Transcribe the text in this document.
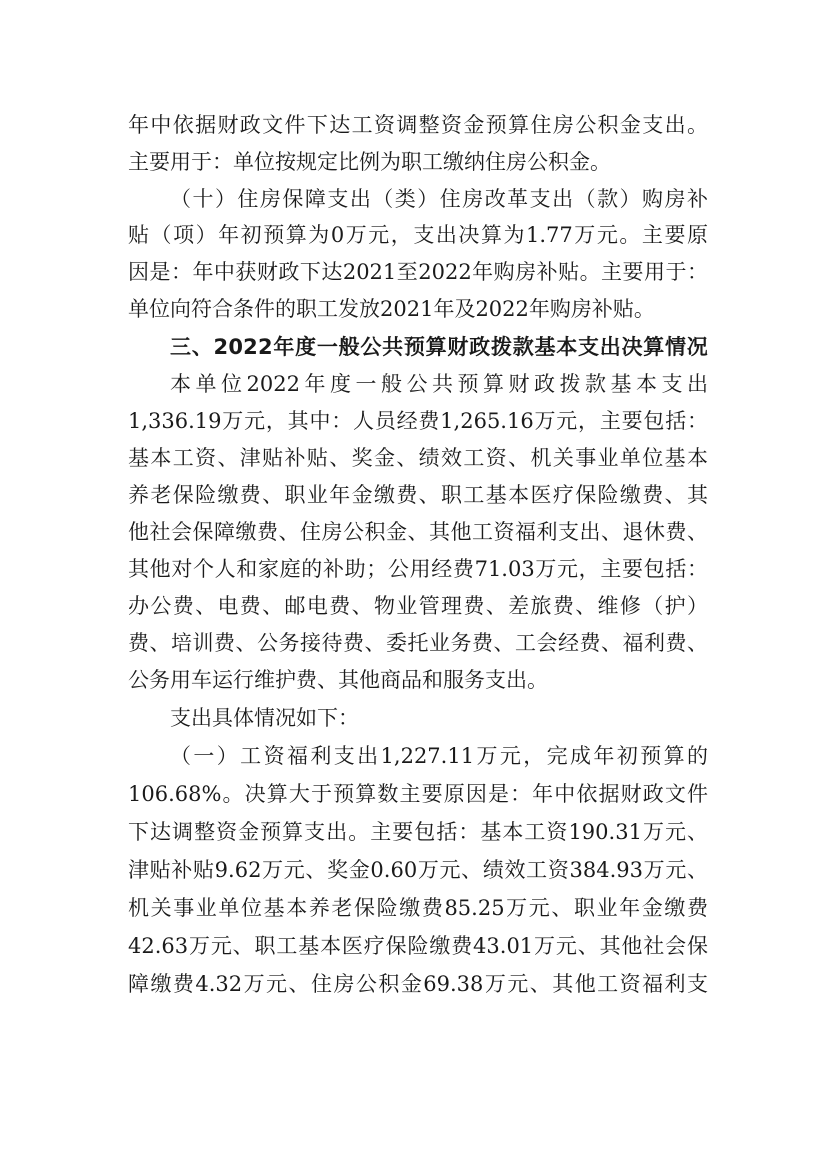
年中依据财政文件下达工资调整资金预算住房公积金支出。
主要用于：单位按规定比例为职工缴纳住房公积金。
（十）住房保障支出（类）住房改革支出（款）购房补
贴（项）年初预算为0万元，支出决算为1.77万元。主要原
因是：年中获财政下达2021至2022年购房补贴。主要用于：
单位向符合条件的职工发放2021年及2022年购房补贴。
三、2022年度一般公共预算财政拨款基本支出决算情况
本单位2022年度一般公共预算财政拨款基本支出
1,336.19万元，其中：人员经费1,265.16万元，主要包括：
基本工资、津贴补贴、奖金、绩效工资、机关事业单位基本
养老保险缴费、职业年金缴费、职工基本医疗保险缴费、其
他社会保障缴费、住房公积金、其他工资福利支出、退休费、
其他对个人和家庭的补助；公用经费71.03万元，主要包括：
办公费、电费、邮电费、物业管理费、差旅费、维修（护）
费、培训费、公务接待费、委托业务费、工会经费、福利费、
公务用车运行维护费、其他商品和服务支出。
支出具体情况如下：
（一）工资福利支出1,227.11万元，完成年初预算的
106.68%。决算大于预算数主要原因是：年中依据财政文件
下达调整资金预算支出。主要包括：基本工资190.31万元、
津贴补贴9.62万元、奖金0.60万元、绩效工资384.93万元、
机关事业单位基本养老保险缴费85.25万元、职业年金缴费
42.63万元、职工基本医疗保险缴费43.01万元、其他社会保
障缴费4.32万元、住房公积金69.38万元、其他工资福利支
